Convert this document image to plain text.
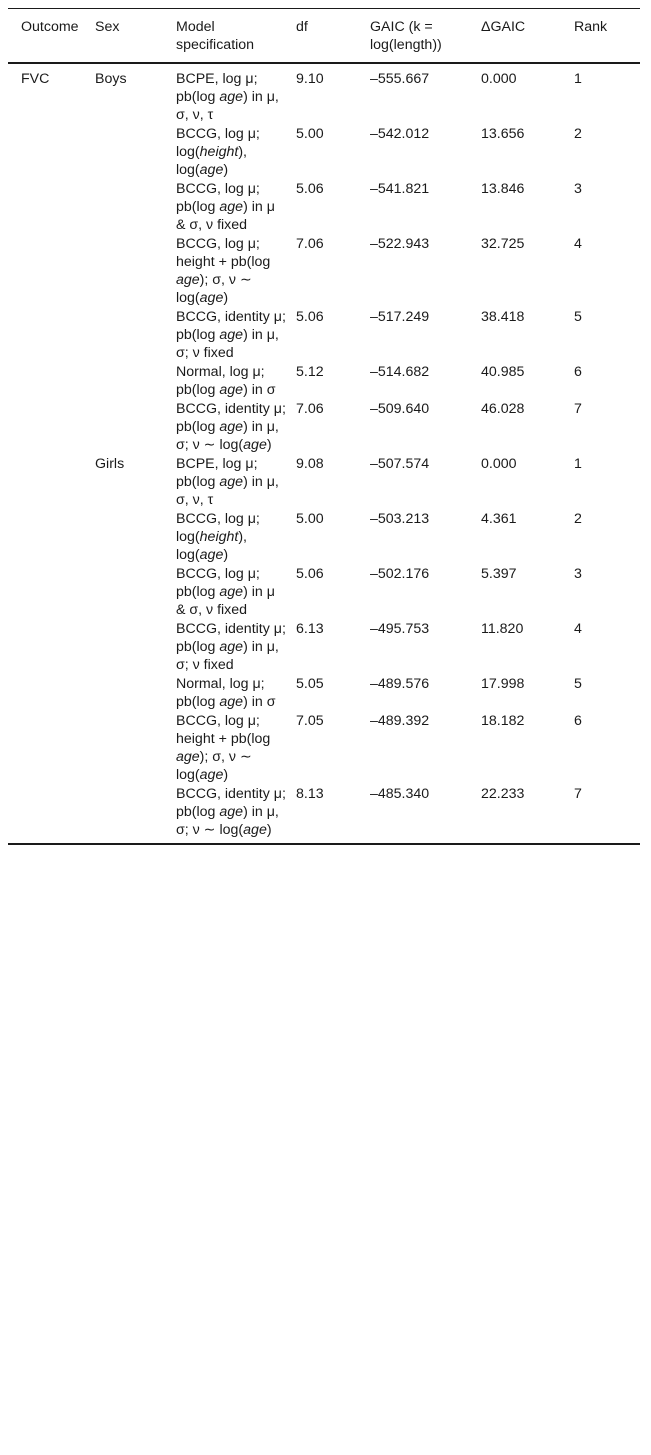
Outcome	Sex	Model specification	df	GAIC (k = log(length))	ΔGAIC	Rank
FVC	Boys	BCPE, log μ; pb(log age) in μ, σ, ν, τ	9.10	–555.667	0.000	1
		BCCG, log μ; log(height), log(age)	5.00	–542.012	13.656	2
		BCCG, log μ; pb(log age) in μ & σ, ν fixed	5.06	–541.821	13.846	3
		BCCG, log μ; height + pb(log age); σ, ν ∼ log(age)	7.06	–522.943	32.725	4
		BCCG, identity μ; pb(log age) in μ, σ; ν fixed	5.06	–517.249	38.418	5
		Normal, log μ; pb(log age) in σ	5.12	–514.682	40.985	6
		BCCG, identity μ; pb(log age) in μ, σ; ν ∼ log(age)	7.06	–509.640	46.028	7
	Girls	BCPE, log μ; pb(log age) in μ, σ, ν, τ	9.08	–507.574	0.000	1
		BCCG, log μ; log(height), log(age)	5.00	–503.213	4.361	2
		BCCG, log μ; pb(log age) in μ & σ, ν fixed	5.06	–502.176	5.397	3
		BCCG, identity μ; pb(log age) in μ, σ; ν fixed	6.13	–495.753	11.820	4
		Normal, log μ; pb(log age) in σ	5.05	–489.576	17.998	5
		BCCG, log μ; height + pb(log age); σ, ν ∼ log(age)	7.05	–489.392	18.182	6
		BCCG, identity μ; pb(log age) in μ, σ; ν ∼ log(age)	8.13	–485.340	22.233	7
